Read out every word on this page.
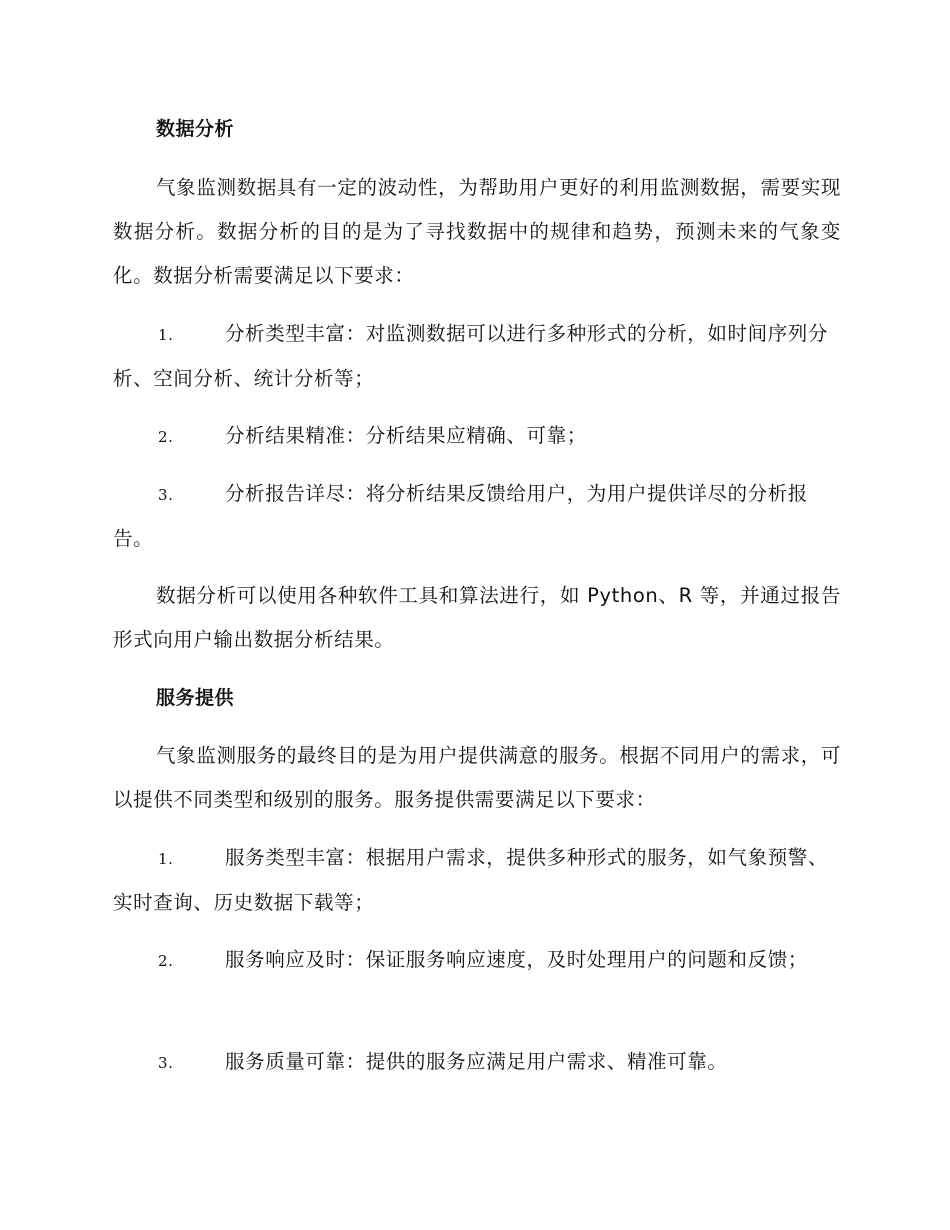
数据分析
气象监测数据具有一定的波动性，为帮助用户更好的利用监测数据，需要实现数据分析。数据分析的目的是为了寻找数据中的规律和趋势，预测未来的气象变化。数据分析需要满足以下要求：
1.	分析类型丰富：对监测数据可以进行多种形式的分析，如时间序列分析、空间分析、统计分析等；
2.	分析结果精准：分析结果应精确、可靠；
3.	分析报告详尽：将分析结果反馈给用户，为用户提供详尽的分析报告。
数据分析可以使用各种软件工具和算法进行，如 Python、R 等，并通过报告形式向用户输出数据分析结果。
服务提供
气象监测服务的最终目的是为用户提供满意的服务。根据不同用户的需求，可以提供不同类型和级别的服务。服务提供需要满足以下要求：
1.	服务类型丰富：根据用户需求，提供多种形式的服务，如气象预警、实时查询、历史数据下载等；
2.	服务响应及时：保证服务响应速度，及时处理用户的问题和反馈；
3.	服务质量可靠：提供的服务应满足用户需求、精准可靠。
